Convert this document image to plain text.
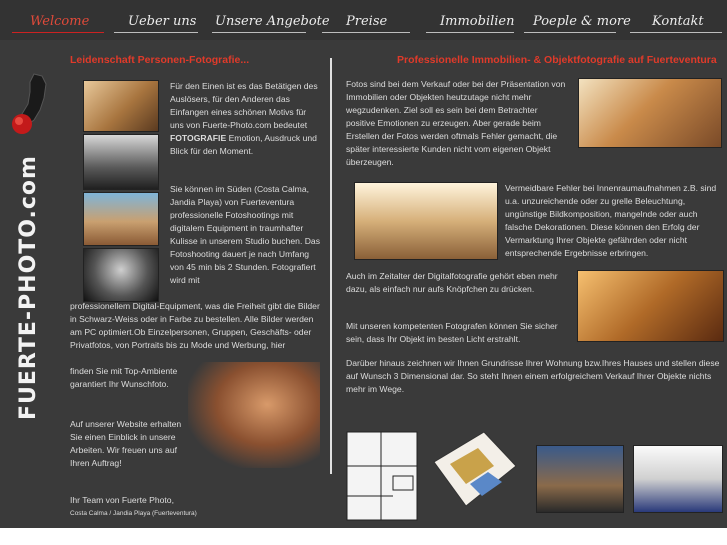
Welcome	Ueber uns Unsere Angebote Preise	Immobilien Poeple & more Kontakt
FUERTE-PHOTO.com
Leidenschaft Personen-Fotografie...
Für den Einen ist es das Betätigen des Auslösers, für den Anderen das Einfangen eines schönen Motivs für uns von Fuerte-Photo.com bedeutet FOTOGRAFIE Emotion, Ausdruck und Blick für den Moment.
Sie können im Süden (Costa Calma, Jandia Playa) von Fuerteventura professionelle Fotoshootings mit digitalem Equipment in traumhafter Kulisse in unserem Studio buchen. Das Fotoshooting dauert je nach Umfang von 45 min bis 2 Stunden. Fotografiert wird mit
professionellem Digital-Equipment, was die Freiheit gibt die Bilder in Schwarz-Weiss oder in Farbe zu bestellen. Alle Bilder werden am PC optimiert.Ob Einzelpersonen, Gruppen, Geschäfts- oder Privatfotos, von Portraits bis zu Mode und Werbung, hier
finden Sie mit Top-Ambiente garantiert Ihr Wunschfoto.
Auf unserer Website erhalten Sie einen Einblick in unsere Arbeiten. Wir freuen uns auf Ihren Auftrag!
Ihr Team von Fuerte Photo,
Costa Calma / Jandia Playa (Fuerteventura)
Professionelle Immobilien- & Objektfotografie auf Fuerteventura
Fotos sind bei dem Verkauf oder bei der Präsentation von Immobilien oder Objekten heutzutage nicht mehr wegzudenken. Ziel soll es sein bei dem Betrachter positive Emotionen zu erzeugen. Aber gerade beim Erstellen der Fotos werden oftmals Fehler gemacht, die später interessierte Kunden nicht vom eigenen Objekt überzeugen.
Vermeidbare Fehler bei Innenraumaufnahmen z.B. sind u.a. unzureichende oder zu grelle Beleuchtung, ungünstige Bildkomposition, mangelnde oder auch falsche Dekorationen. Diese können den Erfolg der Vermarktung Ihrer Objekte gefährden oder nicht entsprechende Ergebnisse erbringen.
Auch im Zeitalter der Digitalfotografie gehört eben mehr dazu, als einfach nur aufs Knöpfchen zu drücken.
Mit unseren kompetenten Fotografen können Sie sicher sein, dass Ihr Objekt im besten Licht erstrahlt.
Darüber hinaus zeichnen wir Ihnen Grundrisse Ihrer Wohnung bzw.Ihres Hauses und stellen diese auf Wunsch 3 Dimensional dar. So steht Ihnen einem erfolgreichem Verkauf Ihrer Objekte nichts mehr im Wege.
